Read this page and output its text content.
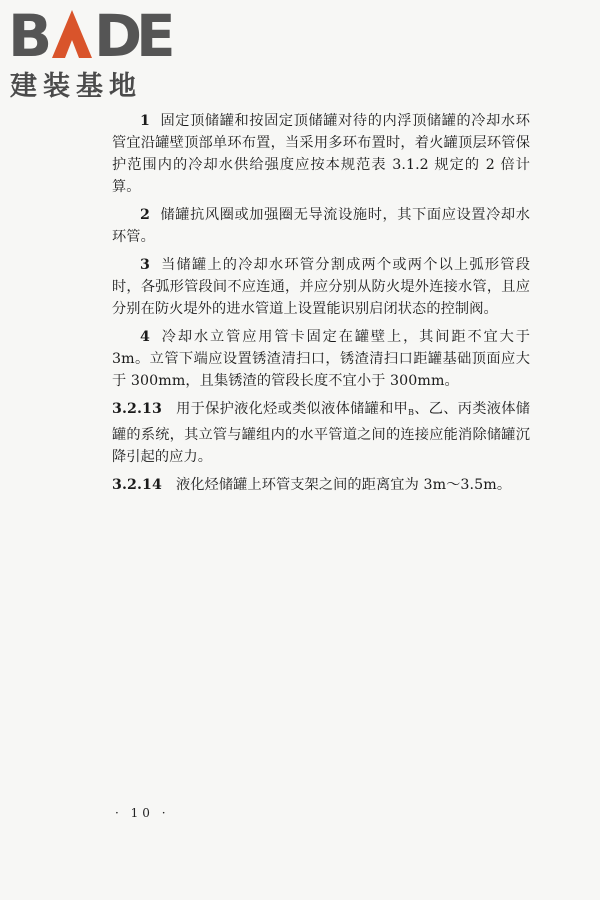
B D
E
建装基地

1 固定顶储罐和按固定顶储罐对待的内浮顶储罐的冷却水环管宜沿罐壁顶部单环布置，当采用多环布置时，着火罐顶层环管保护范围内的冷却水供给强度应按本规范表 3.1.2 规定的 2 倍计算。

2 储罐抗风圈或加强圈无导流设施时，其下面应设置冷却水环管。

3 当储罐上的冷却水环管分割成两个或两个以上弧形管段时，各弧形管段间不应连通，并应分别从防火堤外连接水管，且应分别在防火堤外的进水管道上设置能识别启闭状态的控制阀。

4 冷却水立管应用管卡固定在罐壁上，其间距不宜大于 3m。立管下端应设置锈渣清扫口，锈渣清扫口距罐基础顶面应大于 300mm，且集锈渣的管段长度不宜小于 300mm。

3.2.13 用于保护液化烃或类似液体储罐和甲$_B$、乙、丙类液体储罐的系统，其立管与罐组内的水平管道之间的连接应能消除储罐沉降引起的应力。

3.2.14 液化烃储罐上环管支架之间的距离宜为 3m～3.5m。

· 10 ·
